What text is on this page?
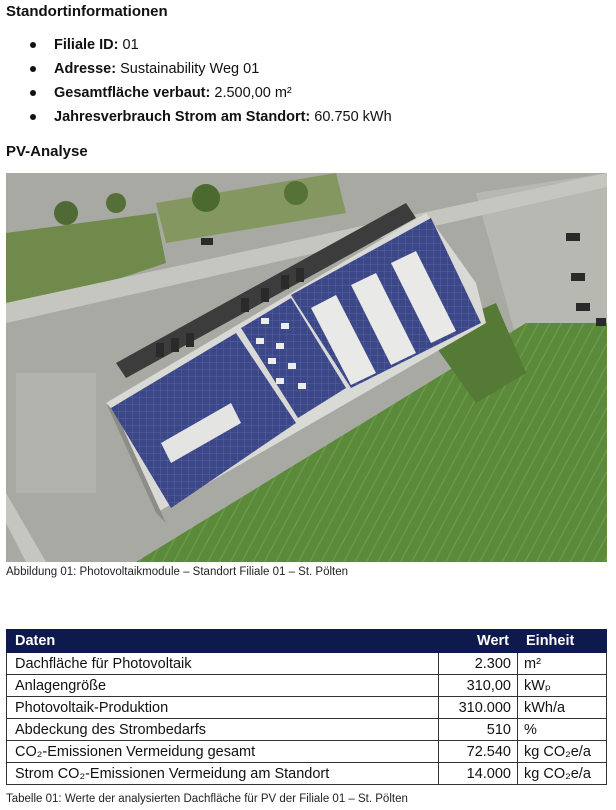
Standortinformationen
Filiale ID: 01
Adresse: Sustainability Weg 01
Gesamtfläche verbaut: 2.500,00 m²
Jahresverbrauch Strom am Standort: 60.750 kWh
PV-Analyse
Abbildung 01: Photovoltaikmodule – Standort Filiale 01 – St. Pölten
Daten	Wert	Einheit
Dachfläche für Photovoltaik	2.300	m²
Anlagengröße	310,00	kWₚ
Photovoltaik-Produktion	310.000	kWh/a
Abdeckung des Strombedarfs	510	%
CO₂-Emissionen Vermeidung gesamt	72.540	kg CO₂e/a
Strom CO₂-Emissionen Vermeidung am Standort	14.000	kg CO₂e/a
Tabelle 01: Werte der analysierten Dachfläche für PV der Filiale 01 – St. Pölten
